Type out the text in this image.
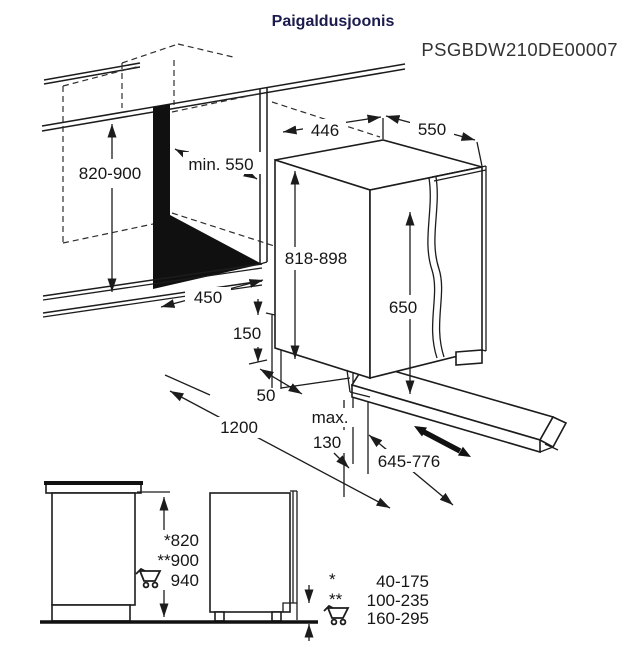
Paigaldusjoonis
PSGBDW210DE00007
820-900	min. 550
446	550
818-898
650
450
150
50
1200
max.
130
645-776
*820
**900
940	* 40-175
** 100-235
160-295
